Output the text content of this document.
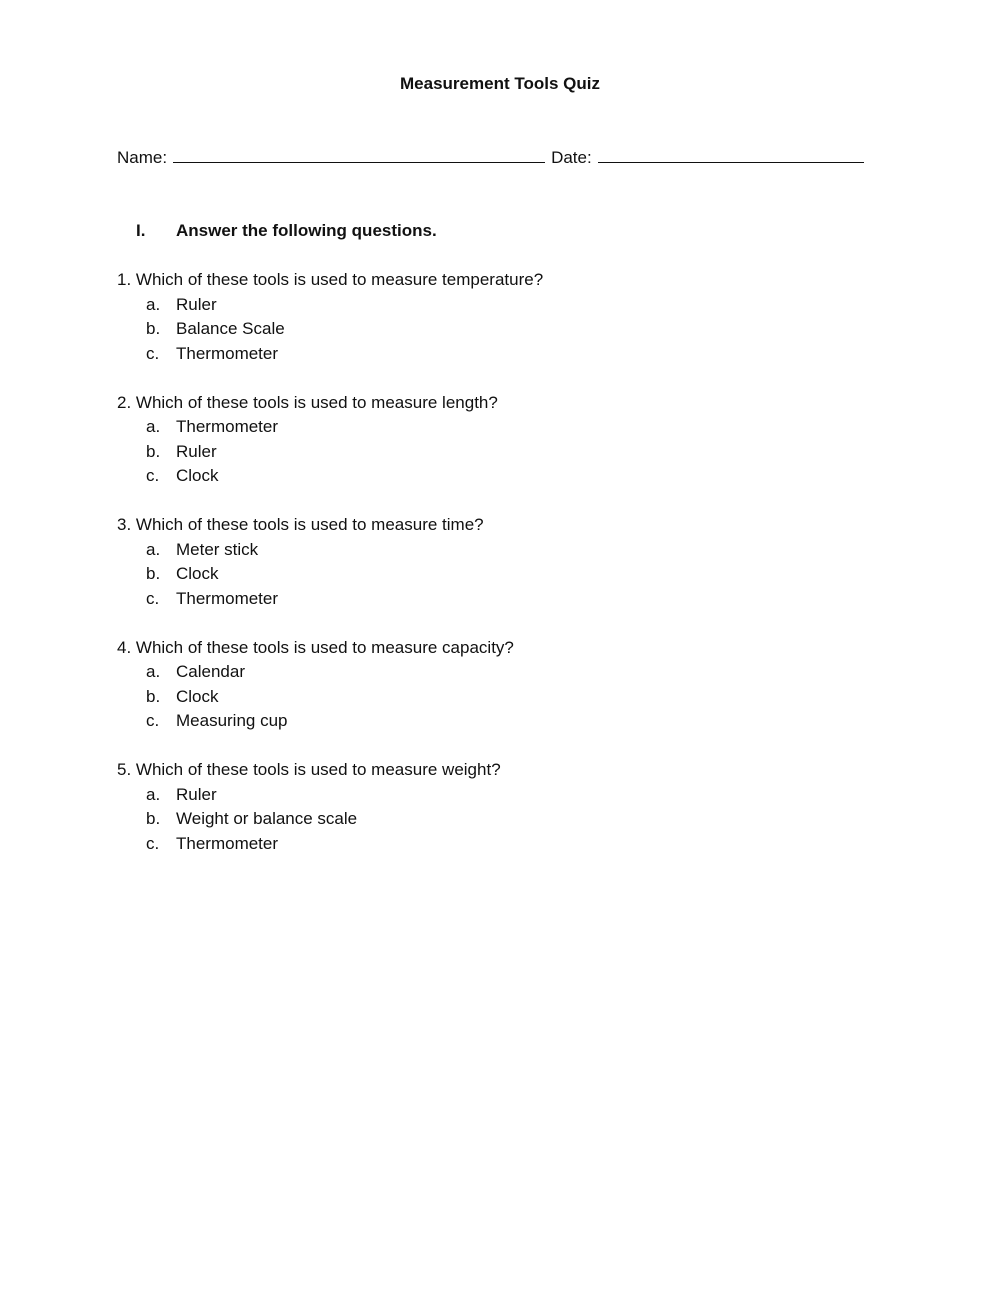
Measurement Tools Quiz
Name:	Date:
I. Answer the following questions.
1. Which of these tools is used to measure temperature?
a. Ruler
b. Balance Scale
c. Thermometer
2. Which of these tools is used to measure length?
a. Thermometer
b. Ruler
c. Clock
3. Which of these tools is used to measure time?
a. Meter stick
b. Clock
c. Thermometer
4. Which of these tools is used to measure capacity?
a. Calendar
b. Clock
c. Measuring cup
5. Which of these tools is used to measure weight?
a. Ruler
b. Weight or balance scale
c. Thermometer
